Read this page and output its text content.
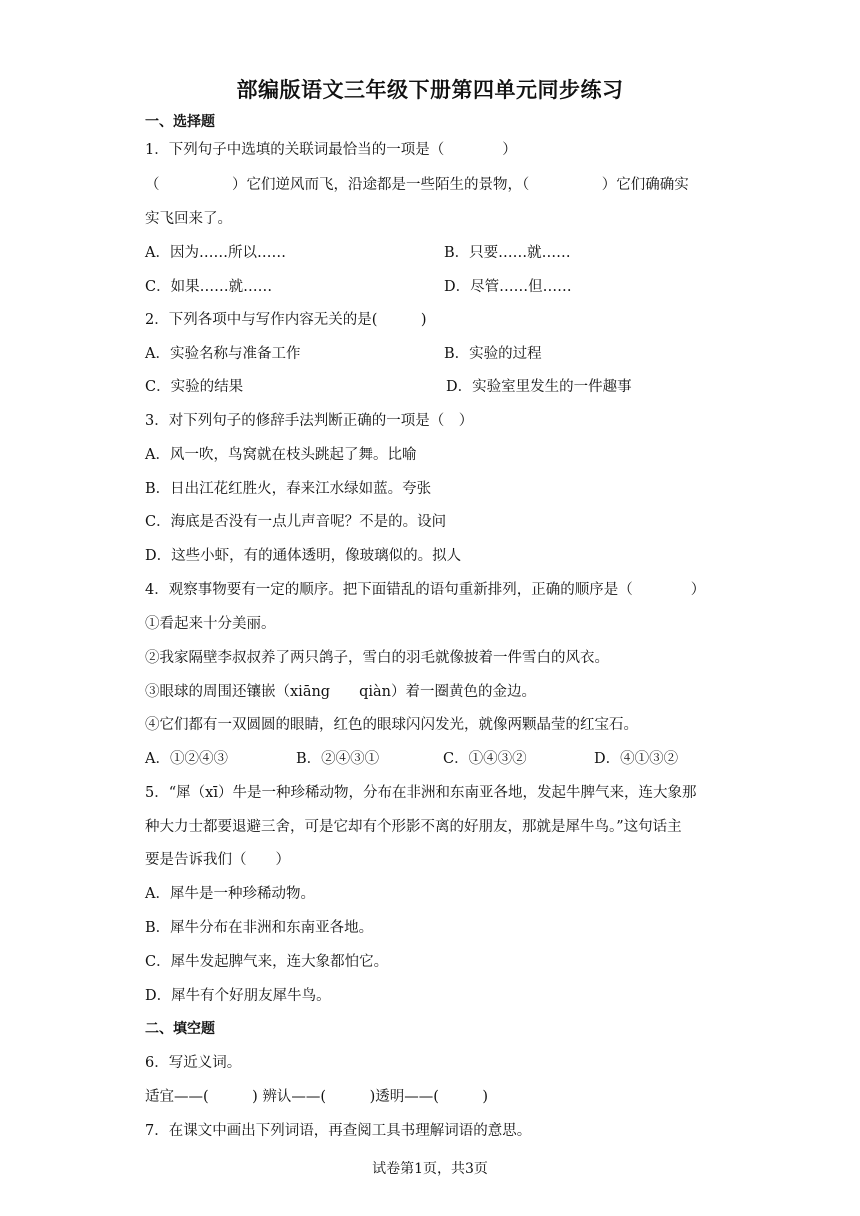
部编版语文三年级下册第四单元同步练习
一、选择题
1．下列句子中选填的关联词最恰当的一项是（　　　　）
（　　　　　）它们逆风而飞，沿途都是一些陌生的景物，（　　　　　）它们确确实
实飞回来了。
A．因为……所以……	B．只要……就……
C．如果……就……	D．尽管……但……
2．下列各项中与写作内容无关的是(　　　)
A．实验名称与准备工作	B．实验的过程
C．实验的结果	D．实验室里发生的一件趣事
3．对下列句子的修辞手法判断正确的一项是（　）
A．风一吹，鸟窝就在枝头跳起了舞。比喻
B．日出江花红胜火，春来江水绿如蓝。夸张
C．海底是否没有一点儿声音呢？不是的。设问
D．这些小虾，有的通体透明，像玻璃似的。拟人
4．观察事物要有一定的顺序。把下面错乱的语句重新排列，正确的顺序是（　　　　）
①看起来十分美丽。
②我家隔壁李叔叔养了两只鸽子，雪白的羽毛就像披着一件雪白的风衣。
③眼球的周围还镶嵌（xiāng　　qiàn）着一圈黄色的金边。
④它们都有一双圆圆的眼睛，红色的眼球闪闪发光，就像两颗晶莹的红宝石。
A．①②④③	B．②④③①	C．①④③②	D．④①③②
5．“犀（xī）牛是一种珍稀动物，分布在非洲和东南亚各地，发起牛脾气来，连大象那
种大力士都要退避三舍，可是它却有个形影不离的好朋友，那就是犀牛鸟。”这句话主
要是告诉我们（　　）
A．犀牛是一种珍稀动物。
B．犀牛分布在非洲和东南亚各地。
C．犀牛发起脾气来，连大象都怕它。
D．犀牛有个好朋友犀牛鸟。
二、填空题
6．写近义词。
适宜——(　　　) 辨认——(　　　)透明——(　　　)
7．在课文中画出下列词语，再查阅工具书理解词语的意思。
试卷第1页，共3页
